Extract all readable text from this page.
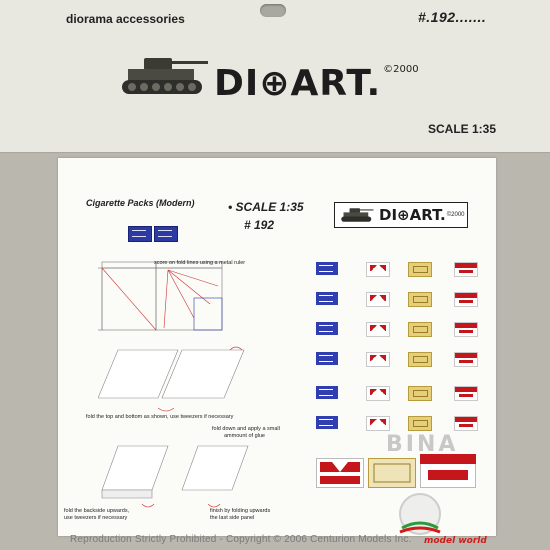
diorama accessories	#.192.......
DI⊕ART. ©2000
SCALE 1:35
Cigarette Packs (Modern)	• SCALE 1:35
# 192
DI⊕ART. ©2000
score on fold lines using a metal ruler
fold the top and bottom as shown, use tweezers if necessary
fold down and apply a small
ammount of glue
fold the backside upwards,
use tweezers if necessary
finish by folding upwards
the last side panel
Reproduction Strictly Prohibited - Copyright © 2006 Centurion Models Inc.
BINA
model world
